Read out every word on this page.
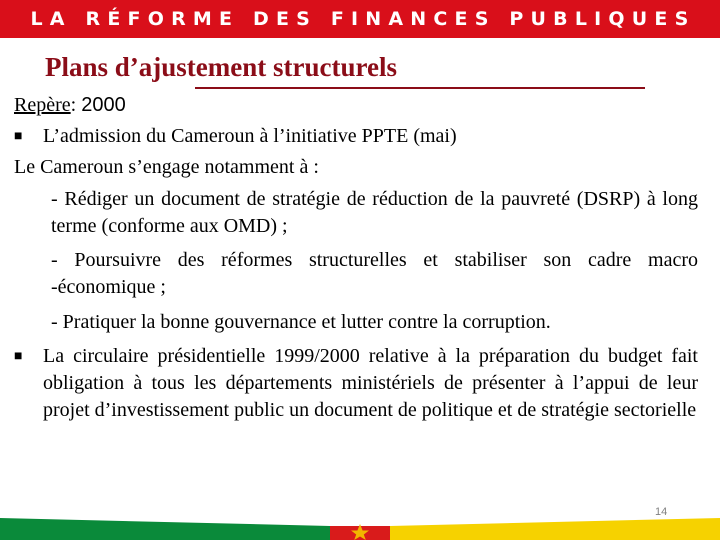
LA RÉFORME DES FINANCES PUBLIQUES
Plans d’ajustement structurels

Repère: 2000

■	L’admission du Cameroun à l’initiative PPTE (mai)

Le Cameroun s’engage notamment à :

- Rédiger un document de stratégie de réduction de la pauvreté (DSRP) à long terme (conforme aux OMD) ;

- Poursuivre des réformes structurelles et stabiliser son cadre macro -économique ;

- Pratiquer la bonne gouvernance et lutter contre la corruption.

■	La circulaire présidentielle 1999/2000 relative à la préparation du budget fait obligation à tous les départements ministériels de présenter à l’appui de leur projet d’investissement public un document de politique et de stratégie sectorielle
14
